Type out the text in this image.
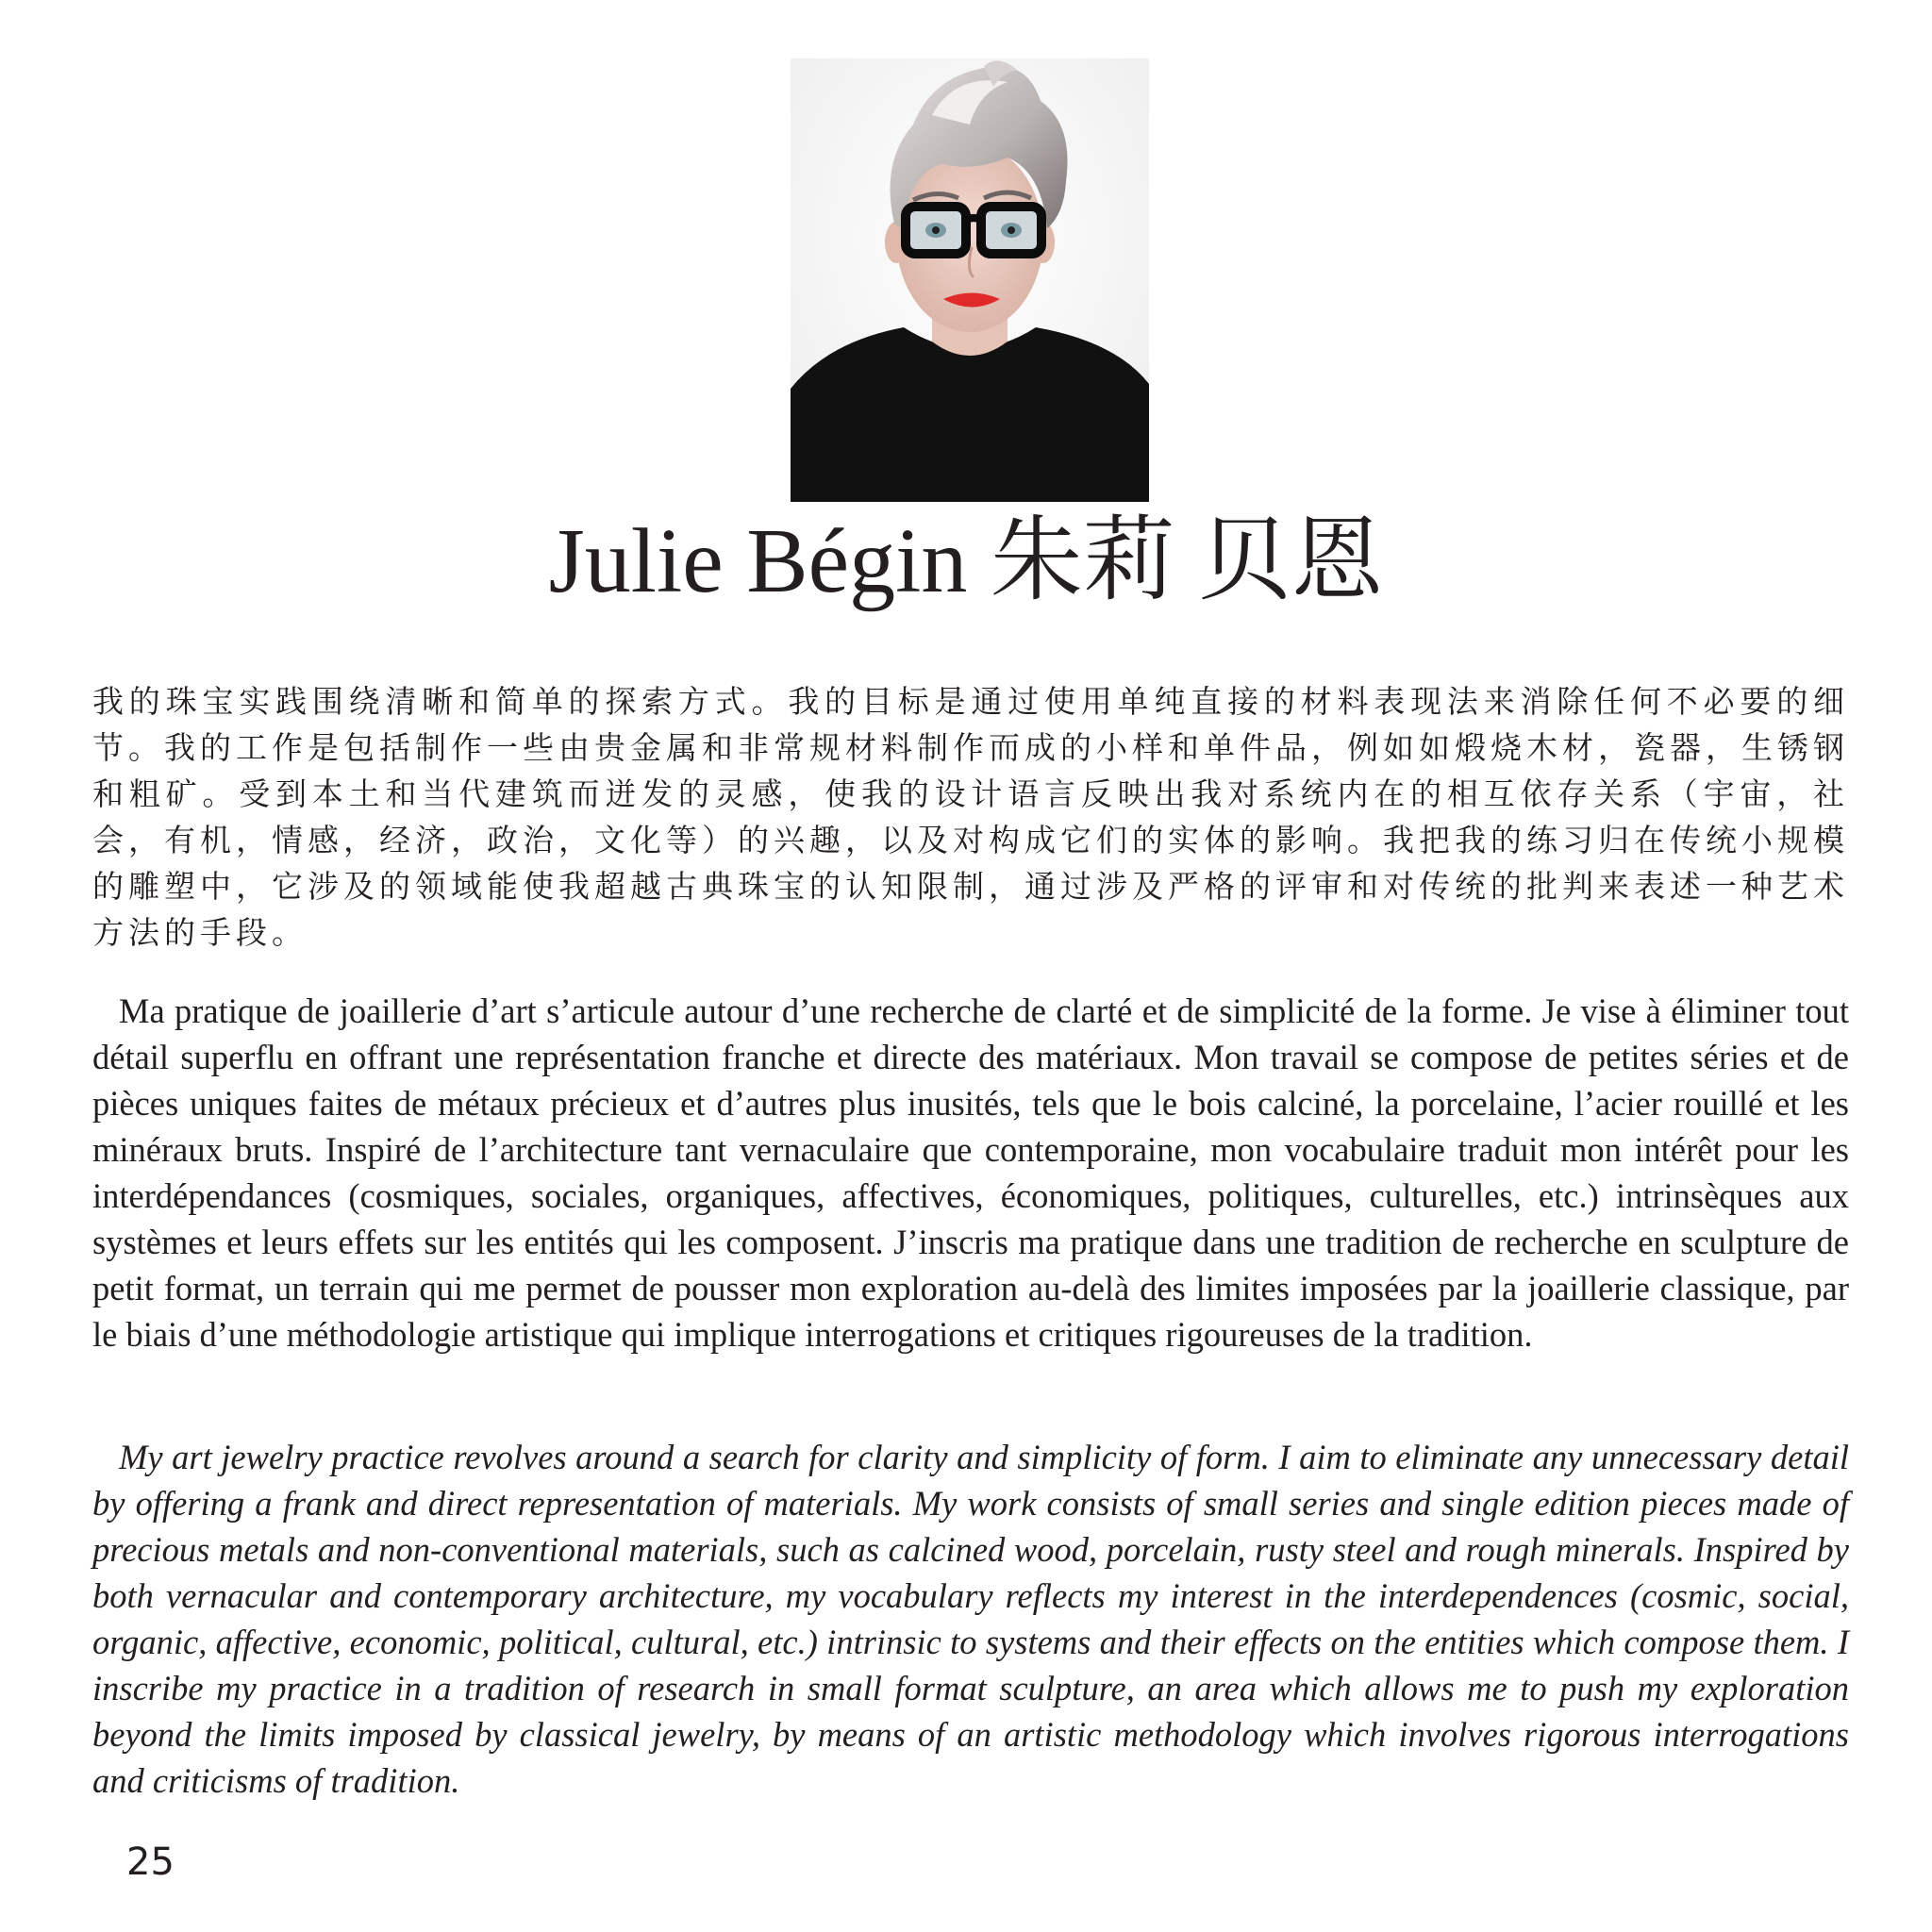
Julie Bégin 朱莉 贝恩

我的珠宝实践围绕清晰和简单的探索方式。我的目标是通过使用单纯直接的材料表现法来消除任何不必要的细节。我的工作是包括制作一些由贵金属和非常规材料制作而成的小样和单件品，例如如煅烧木材，瓷器，生锈钢和粗矿。受到本土和当代建筑而迸发的灵感，使我的设计语言反映出我对系统内在的相互依存关系（宇宙，社会，有机，情感，经济，政治，文化等）的兴趣，以及对构成它们的实体的影响。我把我的练习归在传统小规模的雕塑中，它涉及的领域能使我超越古典珠宝的认知限制，通过涉及严格的评审和对传统的批判来表述一种艺术方法的手段。

Ma pratique de joaillerie d’art s’articule autour d’une recherche de clarté et de simplicité de la forme. Je vise à éliminer tout détail superflu en offrant une représentation franche et directe des matériaux. Mon travail se compose de petites séries et de pièces uniques faites de métaux précieux et d’autres plus inusités, tels que le bois calciné, la porcelaine, l’acier rouillé et les minéraux bruts. Inspiré de l’architecture tant vernaculaire que contemporaine, mon vocabulaire traduit mon intérêt pour les interdépendances (cosmiques, sociales, organiques, affectives, économiques, politiques, culturelles, etc.) intrinsèques aux systèmes et leurs effets sur les entités qui les composent. J’inscris ma pratique dans une tradition de recherche en sculpture de petit format, un terrain qui me permet de pousser mon exploration au-delà des limites imposées par la joaillerie classique, par le biais d’une méthodologie artistique qui implique interrogations et critiques rigoureuses de la tradition.

My art jewelry practice revolves around a search for clarity and simplicity of form. I aim to eliminate any unnecessary detail by offering a frank and direct representation of materials. My work consists of small series and single edition pieces made of precious metals and non-conventional materials, such as calcined wood, porcelain, rusty steel and rough minerals. Inspired by both vernacular and contemporary architecture, my vocabulary reflects my interest in the interdependences (cosmic, social, organic, affective, economic, political, cultural, etc.) intrinsic to systems and their effects on the entities which compose them. I inscribe my practice in a tradition of research in small format sculpture, an area which allows me to push my exploration beyond the limits imposed by classical jewelry, by means of an artistic methodology which involves rigorous interrogations and criticisms of tradition.

25
